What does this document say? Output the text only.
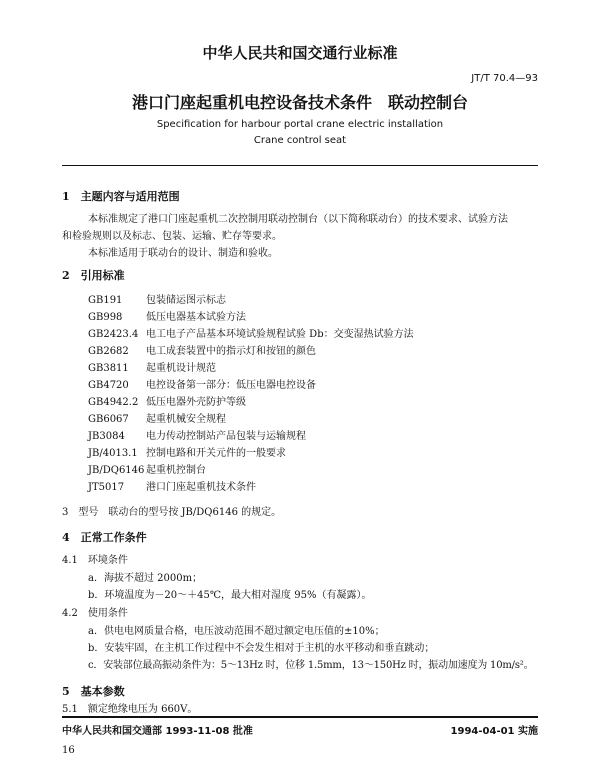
中华人民共和国交通行业标准
JT/T 70.4—93
港口门座起重机电控设备技术条件　联动控制台
Specification for harbour portal crane electric installation
Crane control seat
1　主题内容与适用范围
本标准规定了港口门座起重机二次控制用联动控制台（以下简称联动台）的技术要求、试验方法
和检验规则以及标志、包装、运输、贮存等要求。
本标准适用于联动台的设计、制造和验收。
2　引用标准
GB191 包装储运图示标志
GB998 低压电器基本试验方法
GB2423.4 电工电子产品基本环境试验规程试验 Db：交变湿热试验方法
GB2682 电工成套装置中的指示灯和按钮的颜色
GB3811 起重机设计规范
GB4720 电控设备第一部分：低压电器电控设备
GB4942.2 低压电器外壳防护等级
GB6067 起重机械安全规程
JB3084 电力传动控制站产品包装与运输规程
JB/4013.1 控制电路和开关元件的一般要求
JB/DQ6146 起重机控制台
JT5017 港口门座起重机技术条件
3　型号　联动台的型号按 JB/DQ6146 的规定。
4　正常工作条件
4.1　环境条件
a．海拔不超过 2000m；
b．环境温度为－20～＋45℃，最大相对湿度 95%（有凝露）。
4.2　使用条件
a．供电电网质量合格，电压波动范围不超过额定电压值的±10%；
b．安装牢固，在主机工作过程中不会发生相对于主机的水平移动和垂直跳动；
c．安装部位最高振动条件为：5～13Hz 时，位移 1.5mm，13～150Hz 时，振动加速度为 10m/s²。
5　基本参数
5.1　额定绝缘电压为 660V。
中华人民共和国交通部 1993-11-08 批准	1994-04-01 实施
16
